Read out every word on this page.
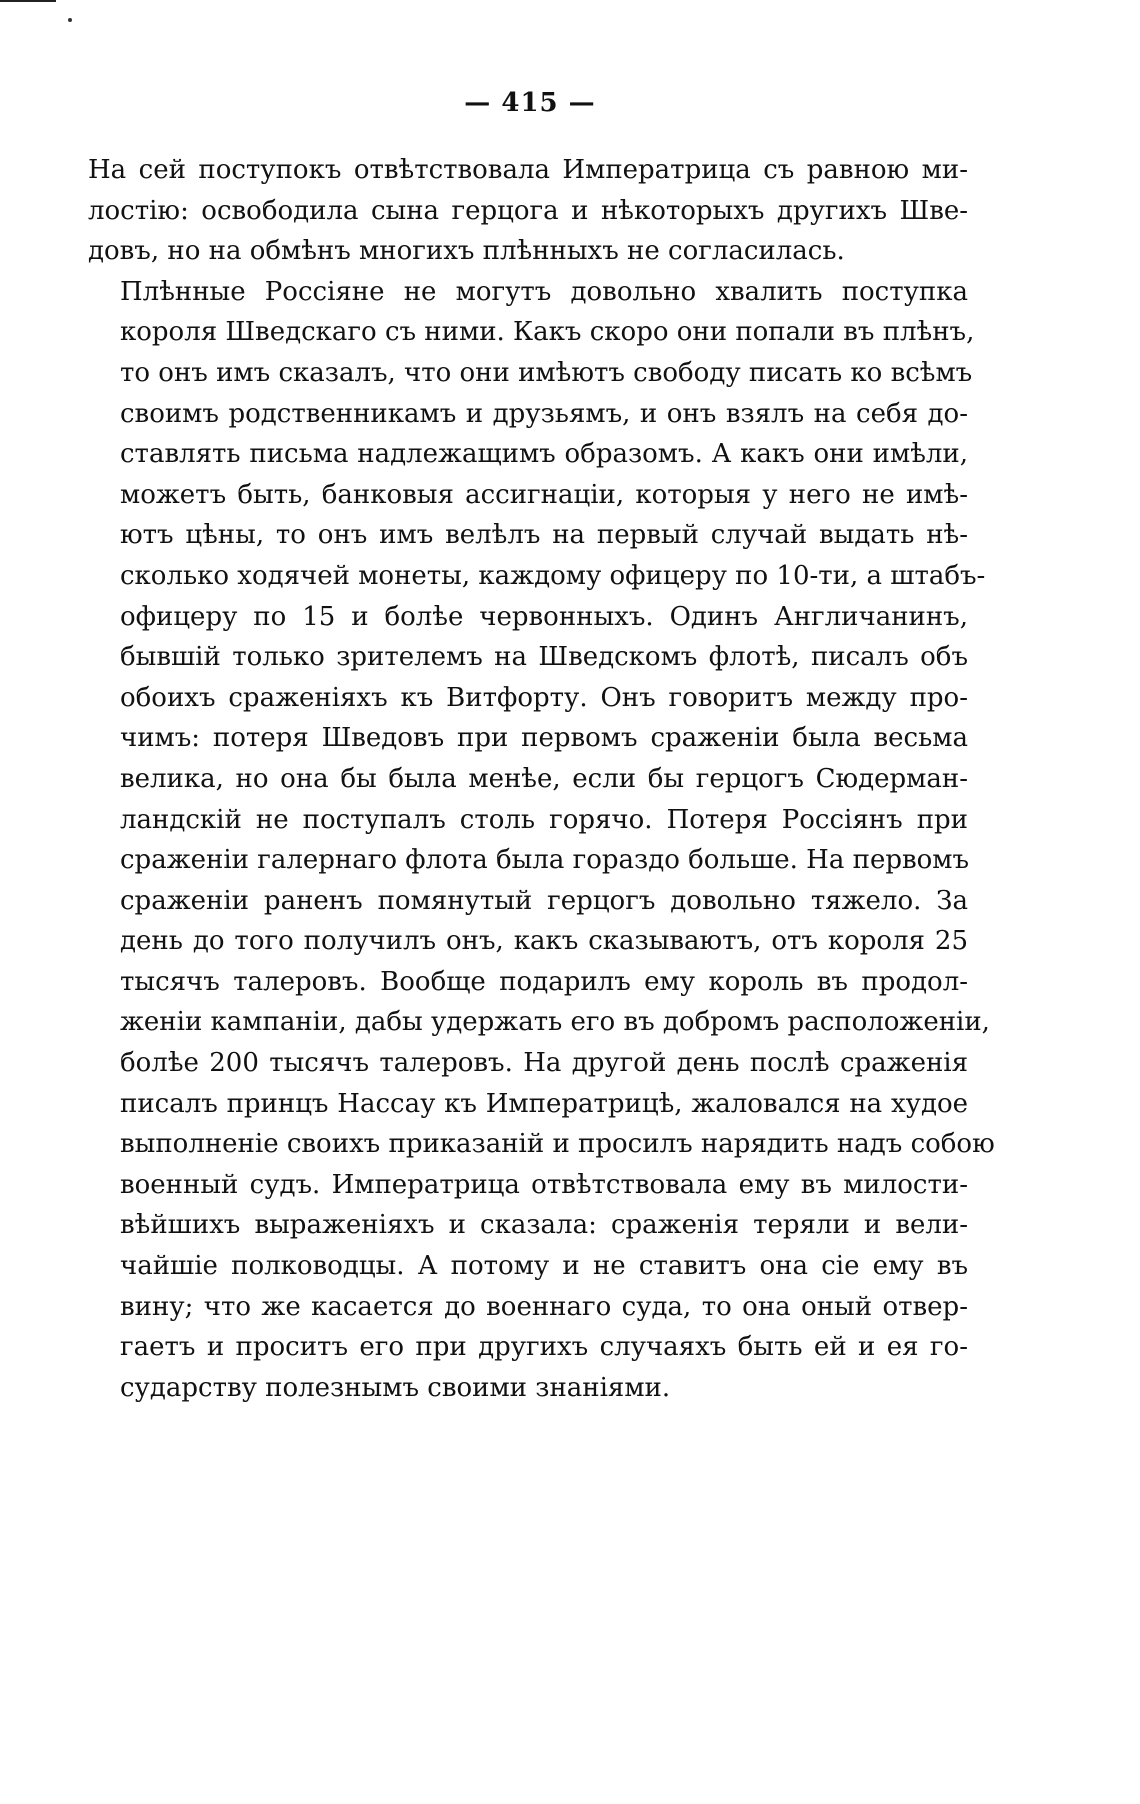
— 415 —

На сей поступокъ отвѣтствовала Императрица съ равною ми-
лостію: освободила сына герцога и нѣкоторыхъ другихъ Шве-
довъ, но на обмѣнъ многихъ плѣнныхъ не согласилась.

Плѣнные Россіяне не могутъ довольно хвалить поступка
короля Шведскаго съ ними. Какъ скоро они попали въ плѣнъ,
то онъ имъ сказалъ, что они имѣютъ свободу писать ко всѣмъ
своимъ родственникамъ и друзьямъ, и онъ взялъ на себя до-
ставлять письма надлежащимъ образомъ. А какъ они имѣли,
можетъ быть, банковыя ассигнаціи, которыя у него не имѣ-
ютъ цѣны, то онъ имъ велѣлъ на первый случай выдать нѣ-
сколько ходячей монеты, каждому офицеру по 10-ти, а штабъ-
офицеру по 15 и болѣе червонныхъ. Одинъ Англичанинъ,
бывшій только зрителемъ на Шведскомъ флотѣ, писалъ объ
обоихъ сраженіяхъ къ Витфорту. Онъ говоритъ между про-
чимъ: потеря Шведовъ при первомъ сраженіи была весьма
велика, но она бы была менѣе, если бы герцогъ Сюдерман-
ландскій не поступалъ столь горячо. Потеря Россіянъ при
сраженіи галернаго флота была гораздо больше. На первомъ
сраженіи раненъ помянутый герцогъ довольно тяжело. За
день до того получилъ онъ, какъ сказываютъ, отъ короля 25
тысячъ талеровъ. Вообще подарилъ ему король въ продол-
женіи кампаніи, дабы удержать его въ добромъ расположеніи,
болѣе 200 тысячъ талеровъ. На другой день послѣ сраженія
писалъ принцъ Нассау къ Императрицѣ, жаловался на худое
выполненіе своихъ приказаній и просилъ нарядить надъ собою
военный судъ. Императрица отвѣтствовала ему въ милости-
вѣйшихъ выраженіяхъ и сказала: сраженія теряли и вели-
чайшіе полководцы. А потому и не ставитъ она сіе ему въ
вину; что же касается до военнаго суда, то она оный отвер-
гаетъ и проситъ его при другихъ случаяхъ быть ей и ея го-
сударству полезнымъ своими знаніями.
